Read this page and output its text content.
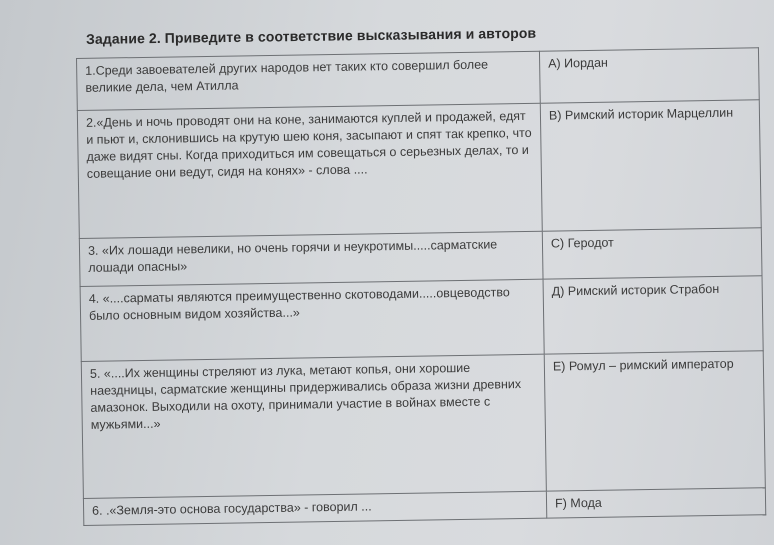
Задание 2. Приведите в соответствие высказывания и авторов
1.Среди завоевателей других народов нет таких кто совершил более великие дела, чем Атилла	А) Иордан
2.«День и ночь проводят они на коне, занимаются куплей и продажей, едят и пьют и, склонившись на крутую шею коня, засыпают и спят так крепко, что даже видят сны. Когда приходиться им совещаться о серьезных делах, то и совещание они ведут, сидя на конях» - слова ....	В) Римский историк Марцеллин
3. «Их лошади невелики, но очень горячи и неукротимы.....сарматские лошади опасны»	С) Геродот
4. «....сарматы являются преимущественно скотоводами.....овцеводство было основным видом хозяйства...»	Д) Римский историк Страбон
5. «....Их женщины стреляют из лука, метают копья, они хорошие наездницы, сарматские женщины придерживались образа жизни древних амазонок. Выходили на охоту, принимали участие в войнах вместе с мужьями...»	Е) Ромул – римский император
6. .«Земля-это основа государства» - говорил ...	F) Мода
